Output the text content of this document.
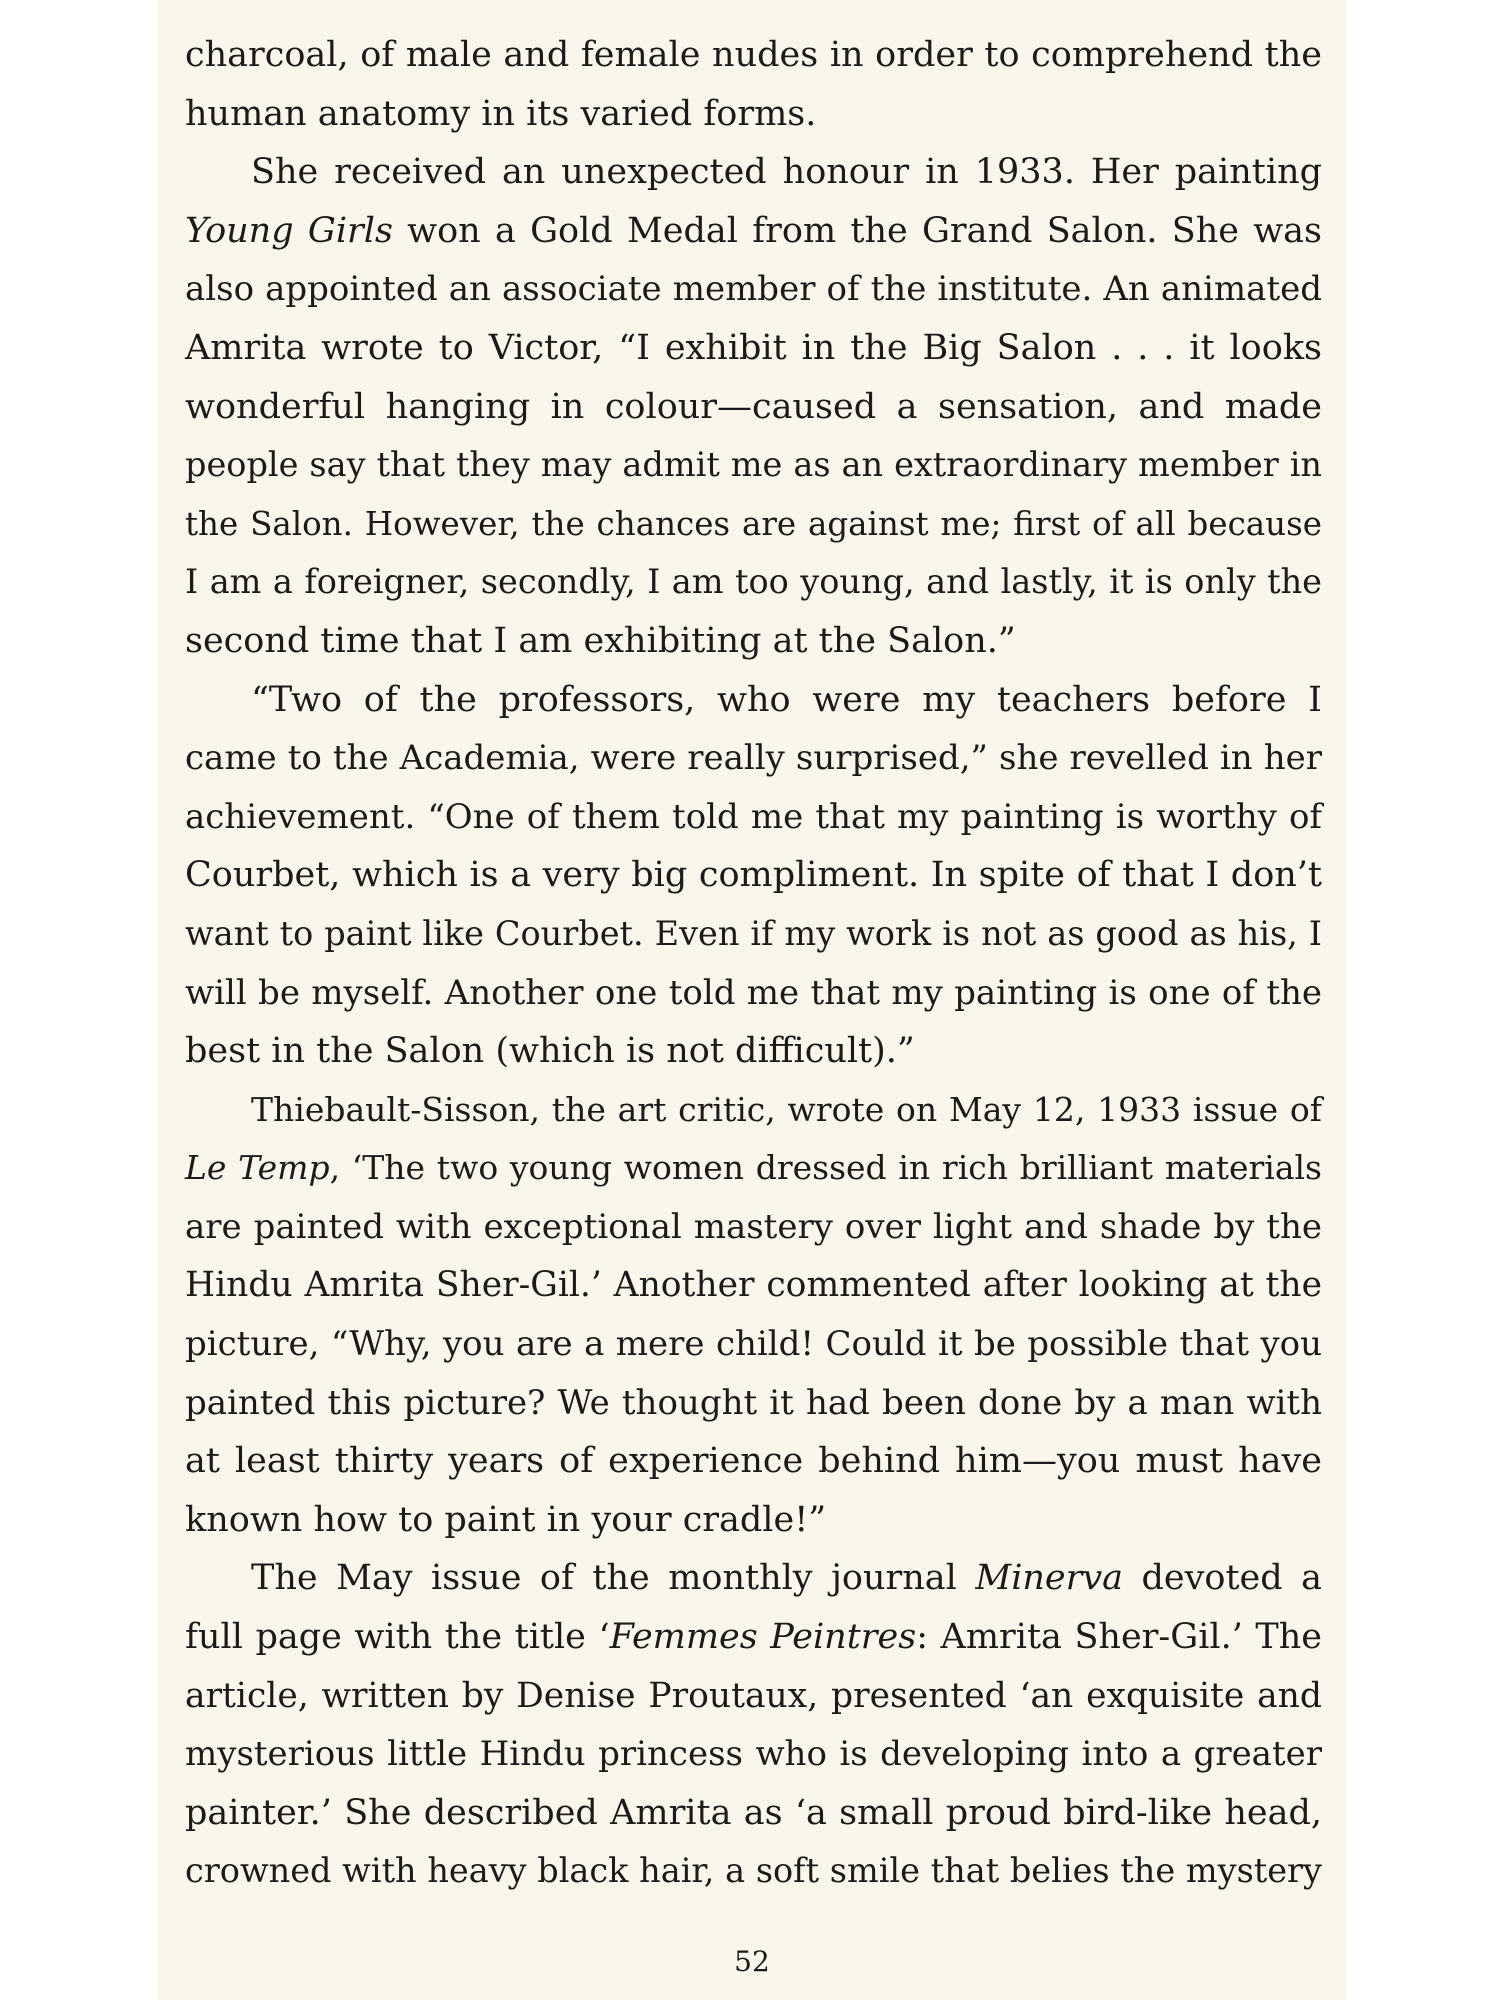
charcoal, of male and female nudes in order to comprehend the
human anatomy in its varied forms.
She received an unexpected honour in 1933. Her painting
Young Girls won a Gold Medal from the Grand Salon. She was
also appointed an associate member of the institute. An animated
Amrita wrote to Victor, “I exhibit in the Big Salon . . . it looks
wonderful hanging in colour—caused a sensation, and made
people say that they may admit me as an extraordinary member in
the Salon. However, the chances are against me; first of all because
I am a foreigner, secondly, I am too young, and lastly, it is only the
second time that I am exhibiting at the Salon.”
“Two of the professors, who were my teachers before I
came to the Academia, were really surprised,” she revelled in her
achievement. “One of them told me that my painting is worthy of
Courbet, which is a very big compliment. In spite of that I don’t
want to paint like Courbet. Even if my work is not as good as his, I
will be myself. Another one told me that my painting is one of the
best in the Salon (which is not difficult).”
Thiebault-Sisson, the art critic, wrote on May 12, 1933 issue of
Le Temp, ‘The two young women dressed in rich brilliant materials
are painted with exceptional mastery over light and shade by the
Hindu Amrita Sher-Gil.’ Another commented after looking at the
picture, “Why, you are a mere child! Could it be possible that you
painted this picture? We thought it had been done by a man with
at least thirty years of experience behind him—you must have
known how to paint in your cradle!”
The May issue of the monthly journal Minerva devoted a
full page with the title ‘Femmes Peintres: Amrita Sher-Gil.’ The
article, written by Denise Proutaux, presented ‘an exquisite and
mysterious little Hindu princess who is developing into a greater
painter.’ She described Amrita as ‘a small proud bird-like head,
crowned with heavy black hair, a soft smile that belies the mystery
52
